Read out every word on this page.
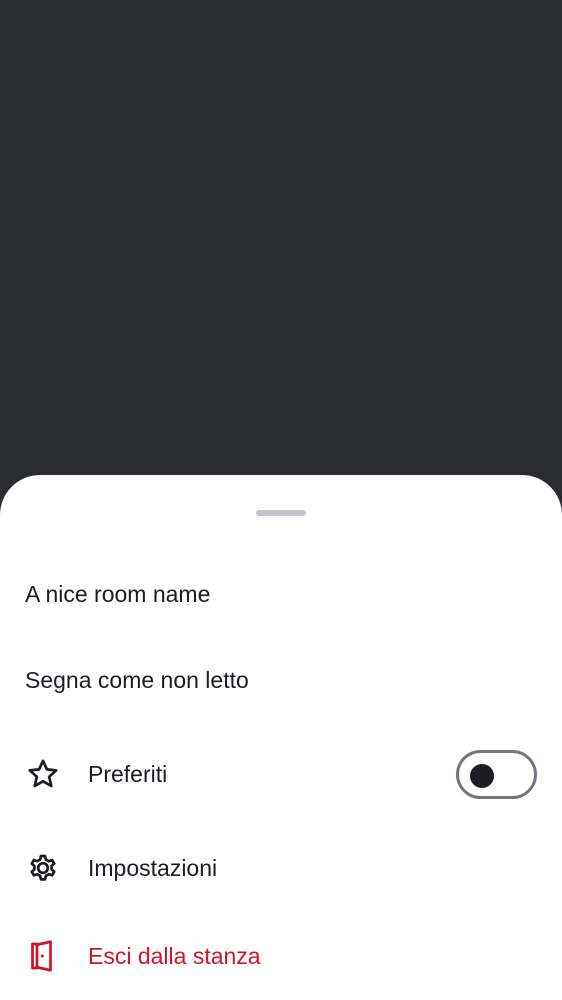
A nice room name
Segna come non letto
Preferiti
Impostazioni
Esci dalla stanza
